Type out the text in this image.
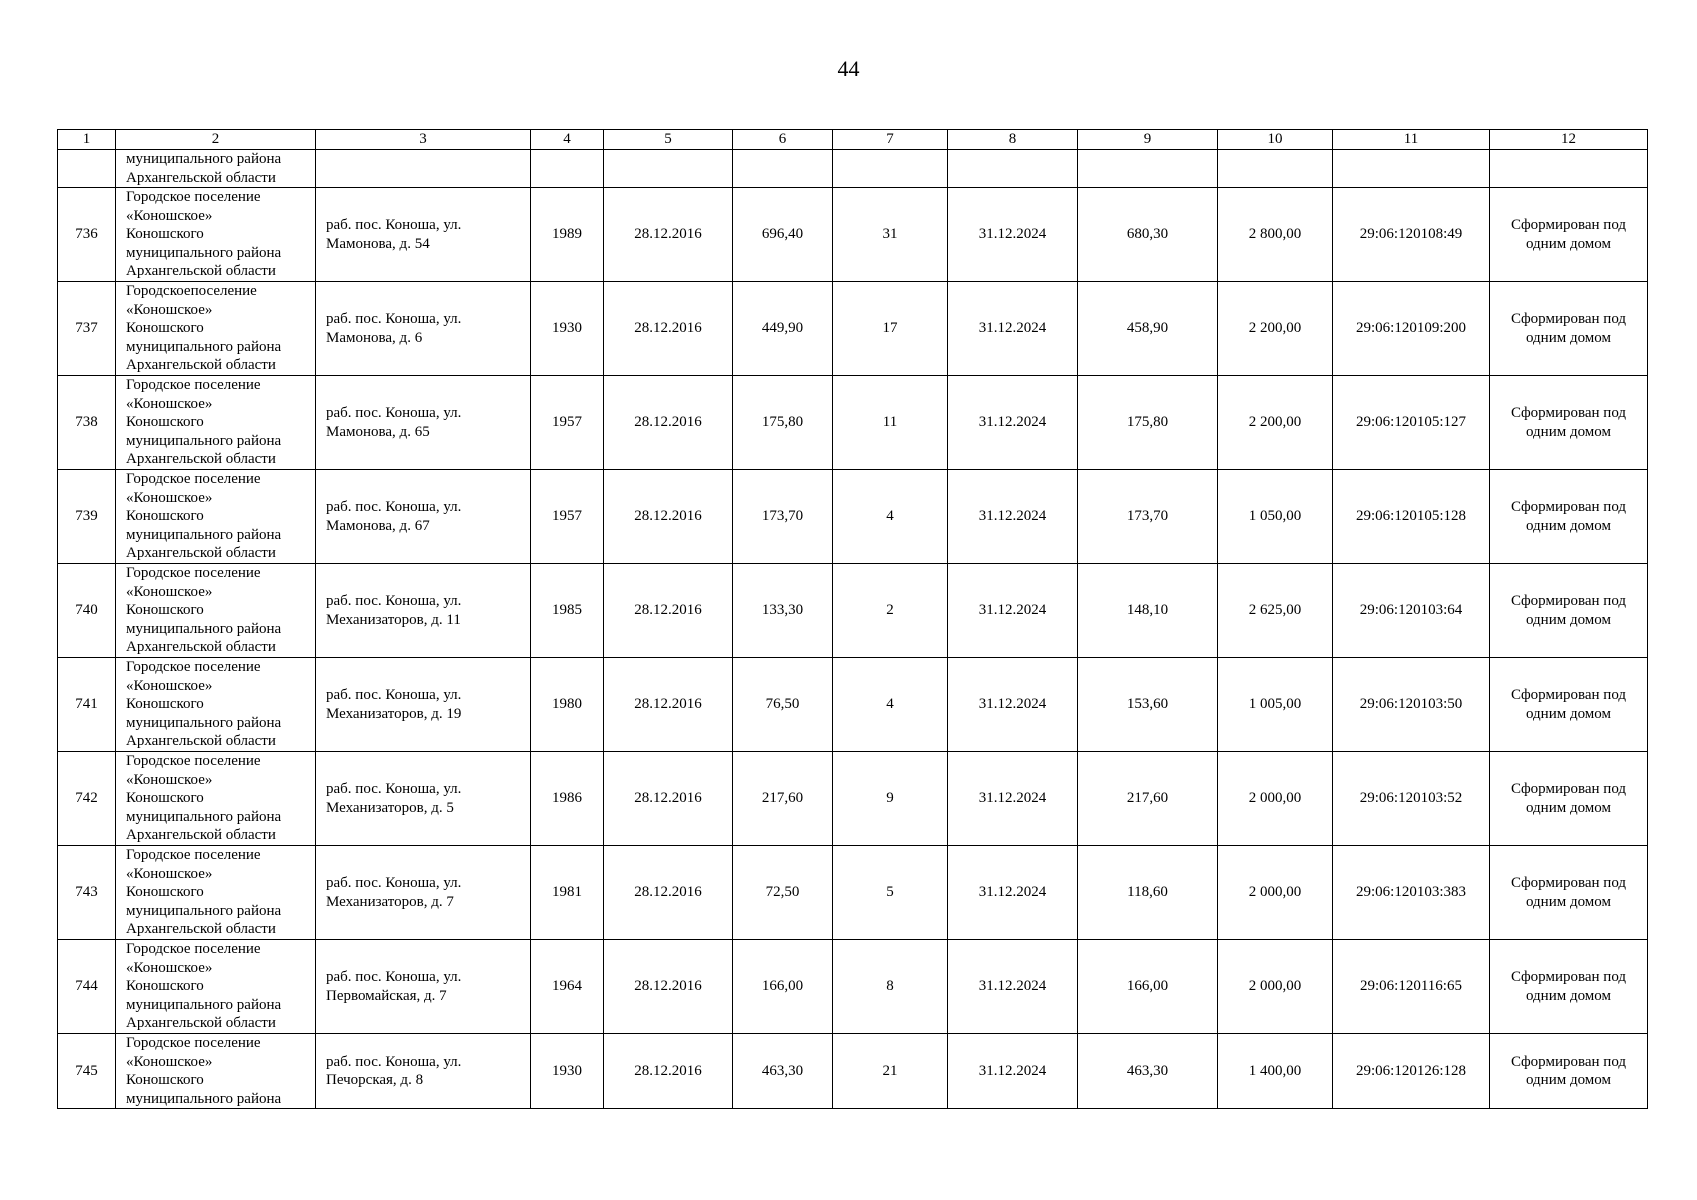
44
1	2	3	4	5	6	7	8	9	10	11	12

	муниципального района
Архангельской области										

736	Городское поселение
«Коношское»
Коношского
муниципального района
Архангельской области	раб. пос. Коноша, ул.
Мамонова, д. 54	1989	28.12.2016	696,40	31	31.12.2024	680,30	2 800,00	29:06:120108:49	Сформирован под
одним домом

737	Городскоепоселение
«Коношское»
Коношского
муниципального района
Архангельской области	раб. пос. Коноша, ул.
Мамонова, д. 6	1930	28.12.2016	449,90	17	31.12.2024	458,90	2 200,00	29:06:120109:200	Сформирован под
одним домом

738	Городское поселение
«Коношское»
Коношского
муниципального района
Архангельской области	раб. пос. Коноша, ул.
Мамонова, д. 65	1957	28.12.2016	175,80	11	31.12.2024	175,80	2 200,00	29:06:120105:127	Сформирован под
одним домом

739	Городское поселение
«Коношское»
Коношского
муниципального района
Архангельской области	раб. пос. Коноша, ул.
Мамонова, д. 67	1957	28.12.2016	173,70	4	31.12.2024	173,70	1 050,00	29:06:120105:128	Сформирован под
одним домом

740	Городское поселение
«Коношское»
Коношского
муниципального района
Архангельской области	раб. пос. Коноша, ул.
Механизаторов, д. 11	1985	28.12.2016	133,30	2	31.12.2024	148,10	2 625,00	29:06:120103:64	Сформирован под
одним домом

741	Городское поселение
«Коношское»
Коношского
муниципального района
Архангельской области	раб. пос. Коноша, ул.
Механизаторов, д. 19	1980	28.12.2016	76,50	4	31.12.2024	153,60	1 005,00	29:06:120103:50	Сформирован под
одним домом

742	Городское поселение
«Коношское»
Коношского
муниципального района
Архангельской области	раб. пос. Коноша, ул.
Механизаторов, д. 5	1986	28.12.2016	217,60	9	31.12.2024	217,60	2 000,00	29:06:120103:52	Сформирован под
одним домом

743	Городское поселение
«Коношское»
Коношского
муниципального района
Архангельской области	раб. пос. Коноша, ул.
Механизаторов, д. 7	1981	28.12.2016	72,50	5	31.12.2024	118,60	2 000,00	29:06:120103:383	Сформирован под
одним домом

744	Городское поселение
«Коношское»
Коношского
муниципального района
Архангельской области	раб. пос. Коноша, ул.
Первомайская, д. 7	1964	28.12.2016	166,00	8	31.12.2024	166,00	2 000,00	29:06:120116:65	Сформирован под
одним домом

745	Городское поселение
«Коношское»
Коношского
муниципального района	раб. пос. Коноша, ул.
Печорская, д. 8	1930	28.12.2016	463,30	21	31.12.2024	463,30	1 400,00	29:06:120126:128	Сформирован под
одним домом
